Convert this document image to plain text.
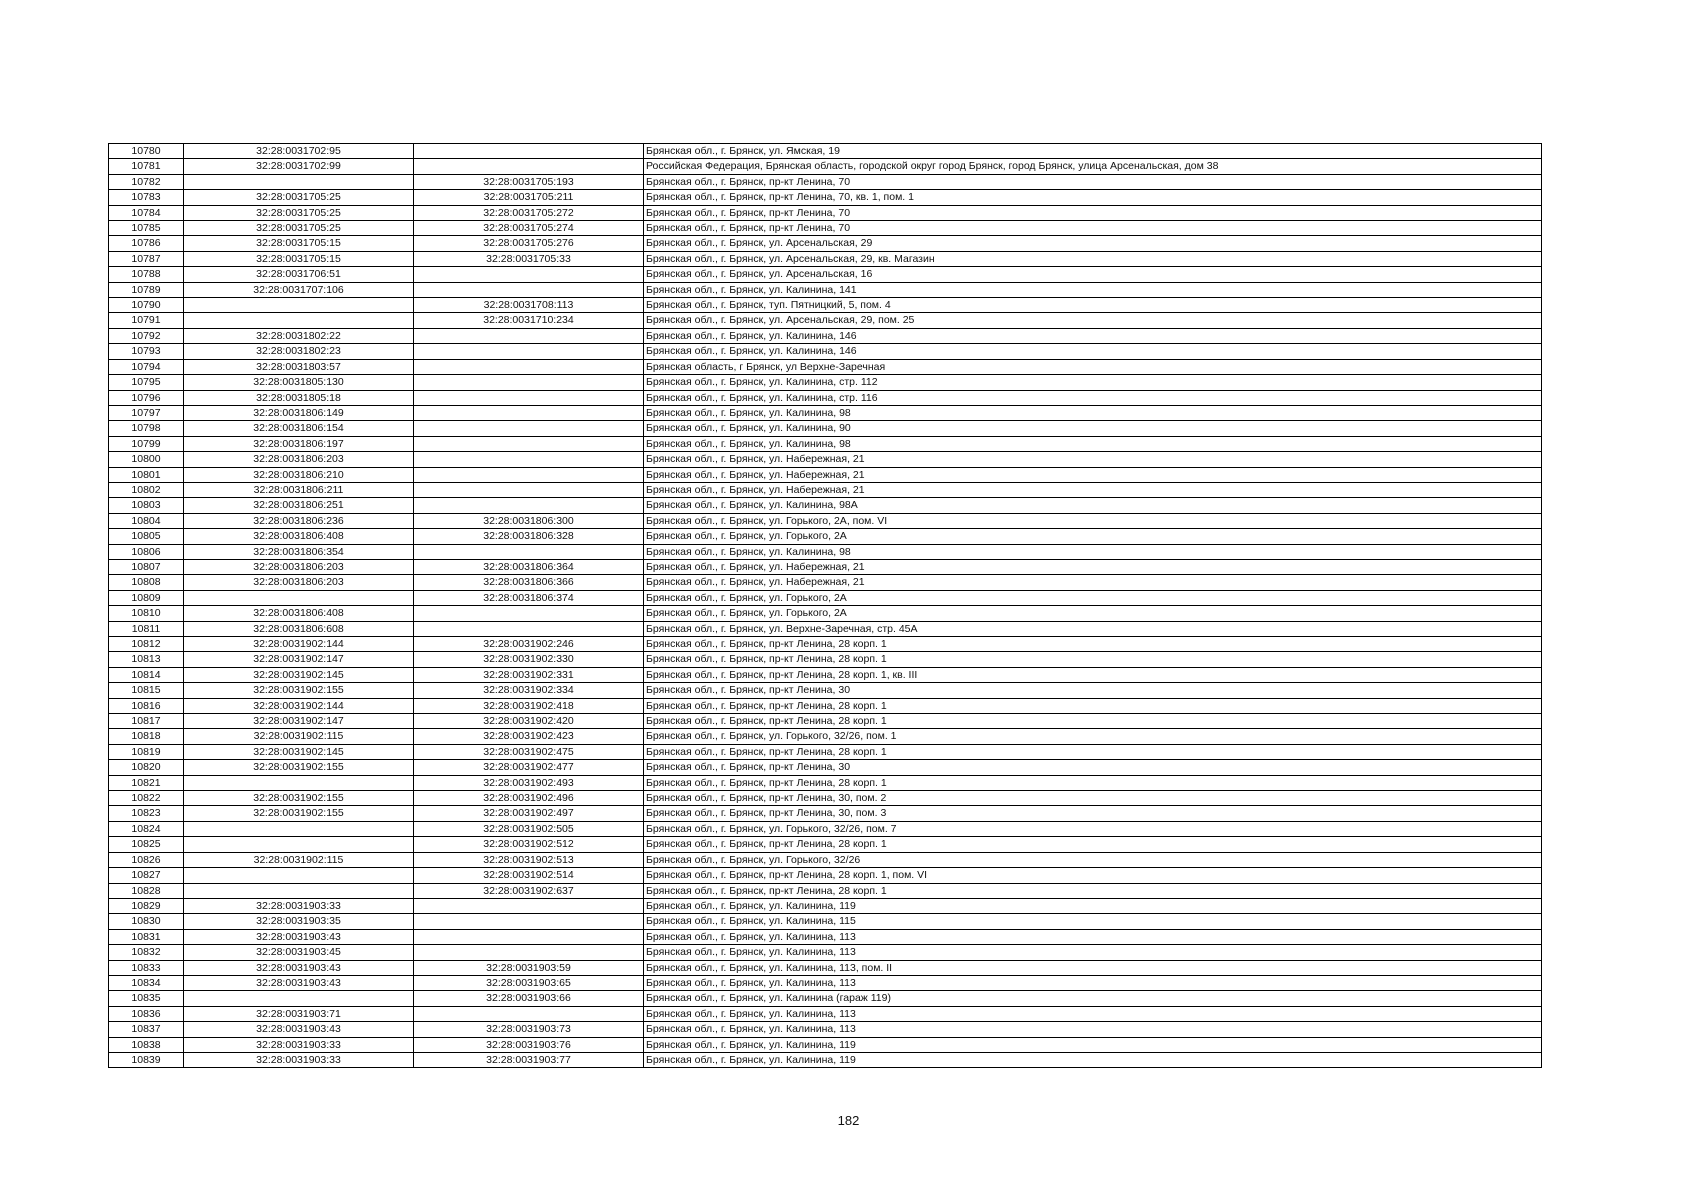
10780	32:28:0031702:95		Брянская обл., г. Брянск, ул. Ямская, 19
10781	32:28:0031702:99		Российская Федерация, Брянская область, городской округ город Брянск, город Брянск, улица Арсенальская, дом 38
10782		32:28:0031705:193	Брянская обл., г. Брянск, пр-кт Ленина, 70
10783	32:28:0031705:25	32:28:0031705:211	Брянская обл., г. Брянск, пр-кт Ленина, 70, кв. 1, пом. 1
10784	32:28:0031705:25	32:28:0031705:272	Брянская обл., г. Брянск, пр-кт Ленина, 70
10785	32:28:0031705:25	32:28:0031705:274	Брянская обл., г. Брянск, пр-кт Ленина, 70
10786	32:28:0031705:15	32:28:0031705:276	Брянская обл., г. Брянск, ул. Арсенальская, 29
10787	32:28:0031705:15	32:28:0031705:33	Брянская обл., г. Брянск, ул. Арсенальская, 29, кв. Магазин
10788	32:28:0031706:51		Брянская обл., г. Брянск, ул. Арсенальская, 16
10789	32:28:0031707:106		Брянская обл., г. Брянск, ул. Калинина, 141
10790		32:28:0031708:113	Брянская обл., г. Брянск, туп. Пятницкий, 5, пом. 4
10791		32:28:0031710:234	Брянская обл., г. Брянск, ул. Арсенальская, 29, пом. 25
10792	32:28:0031802:22		Брянская обл., г. Брянск, ул. Калинина, 146
10793	32:28:0031802:23		Брянская обл., г. Брянск, ул. Калинина, 146
10794	32:28:0031803:57		Брянская область, г Брянск, ул Верхне-Заречная
10795	32:28:0031805:130		Брянская обл., г. Брянск, ул. Калинина, стр. 112
10796	32:28:0031805:18		Брянская обл., г. Брянск, ул. Калинина, стр. 116
10797	32:28:0031806:149		Брянская обл., г. Брянск, ул. Калинина, 98
10798	32:28:0031806:154		Брянская обл., г. Брянск, ул. Калинина, 90
10799	32:28:0031806:197		Брянская обл., г. Брянск, ул. Калинина, 98
10800	32:28:0031806:203		Брянская обл., г. Брянск, ул. Набережная, 21
10801	32:28:0031806:210		Брянская обл., г. Брянск, ул. Набережная, 21
10802	32:28:0031806:211		Брянская обл., г. Брянск, ул. Набережная, 21
10803	32:28:0031806:251		Брянская обл., г. Брянск, ул. Калинина, 98А
10804	32:28:0031806:236	32:28:0031806:300	Брянская обл., г. Брянск, ул. Горького, 2А, пом. VI
10805	32:28:0031806:408	32:28:0031806:328	Брянская обл., г. Брянск, ул. Горького, 2А
10806	32:28:0031806:354		Брянская обл., г. Брянск, ул. Калинина, 98
10807	32:28:0031806:203	32:28:0031806:364	Брянская обл., г. Брянск, ул. Набережная, 21
10808	32:28:0031806:203	32:28:0031806:366	Брянская обл., г. Брянск, ул. Набережная, 21
10809		32:28:0031806:374	Брянская обл., г. Брянск, ул. Горького, 2А
10810	32:28:0031806:408		Брянская обл., г. Брянск, ул. Горького, 2А
10811	32:28:0031806:608		Брянская обл., г. Брянск, ул. Верхне-Заречная, стр. 45А
10812	32:28:0031902:144	32:28:0031902:246	Брянская обл., г. Брянск, пр-кт Ленина, 28 корп. 1
10813	32:28:0031902:147	32:28:0031902:330	Брянская обл., г. Брянск, пр-кт Ленина, 28 корп. 1
10814	32:28:0031902:145	32:28:0031902:331	Брянская обл., г. Брянск, пр-кт Ленина, 28 корп. 1, кв. III
10815	32:28:0031902:155	32:28:0031902:334	Брянская обл., г. Брянск, пр-кт Ленина, 30
10816	32:28:0031902:144	32:28:0031902:418	Брянская обл., г. Брянск, пр-кт Ленина, 28 корп. 1
10817	32:28:0031902:147	32:28:0031902:420	Брянская обл., г. Брянск, пр-кт Ленина, 28 корп. 1
10818	32:28:0031902:115	32:28:0031902:423	Брянская обл., г. Брянск, ул. Горького, 32/26, пом. 1
10819	32:28:0031902:145	32:28:0031902:475	Брянская обл., г. Брянск, пр-кт Ленина, 28 корп. 1
10820	32:28:0031902:155	32:28:0031902:477	Брянская обл., г. Брянск, пр-кт Ленина, 30
10821		32:28:0031902:493	Брянская обл., г. Брянск, пр-кт Ленина, 28 корп. 1
10822	32:28:0031902:155	32:28:0031902:496	Брянская обл., г. Брянск, пр-кт Ленина, 30, пом. 2
10823	32:28:0031902:155	32:28:0031902:497	Брянская обл., г. Брянск, пр-кт Ленина, 30, пом. 3
10824		32:28:0031902:505	Брянская обл., г. Брянск, ул. Горького, 32/26, пом. 7
10825		32:28:0031902:512	Брянская обл., г. Брянск, пр-кт Ленина, 28 корп. 1
10826	32:28:0031902:115	32:28:0031902:513	Брянская обл., г. Брянск, ул. Горького, 32/26
10827		32:28:0031902:514	Брянская обл., г. Брянск, пр-кт Ленина, 28 корп. 1, пом. VI
10828		32:28:0031902:637	Брянская обл., г. Брянск, пр-кт Ленина, 28 корп. 1
10829	32:28:0031903:33		Брянская обл., г. Брянск, ул. Калинина, 119
10830	32:28:0031903:35		Брянская обл., г. Брянск, ул. Калинина, 115
10831	32:28:0031903:43		Брянская обл., г. Брянск, ул. Калинина, 113
10832	32:28:0031903:45		Брянская обл., г. Брянск, ул. Калинина, 113
10833	32:28:0031903:43	32:28:0031903:59	Брянская обл., г. Брянск, ул. Калинина, 113, пом. II
10834	32:28:0031903:43	32:28:0031903:65	Брянская обл., г. Брянск, ул. Калинина, 113
10835		32:28:0031903:66	Брянская обл., г. Брянск, ул. Калинина (гараж 119)
10836	32:28:0031903:71		Брянская обл., г. Брянск, ул. Калинина, 113
10837	32:28:0031903:43	32:28:0031903:73	Брянская обл., г. Брянск, ул. Калинина, 113
10838	32:28:0031903:33	32:28:0031903:76	Брянская обл., г. Брянск, ул. Калинина, 119
10839	32:28:0031903:33	32:28:0031903:77	Брянская обл., г. Брянск, ул. Калинина, 119
182
